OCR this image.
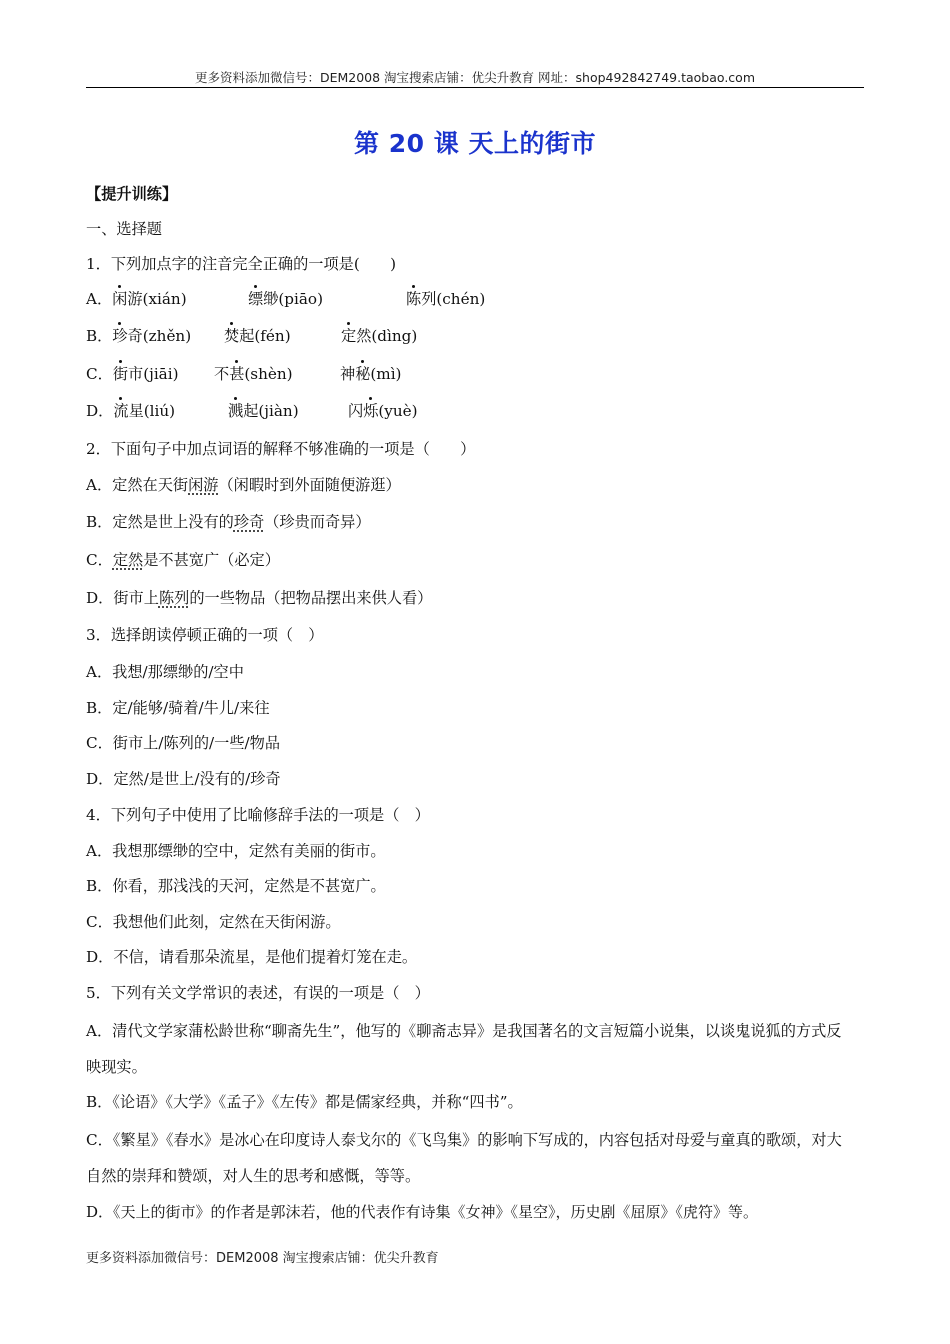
更多资料添加微信号：DEM2008 淘宝搜索店铺：优尖升教育 网址：shop492842749.taobao.com
第 20 课 天上的街市
【提升训练】
一、选择题
1．下列加点字的注音完全正确的一项是(　　)
A．闲游(xián)	缥缈(piāo)	陈列(chén)
B．珍奇(zhěn) 焚起(fén)	定然(dìng)
C．街市(jiāi) 不甚(shèn)	神秘(mì)
D．流星(liú)	溅起(jiàn)	闪烁(yuè)
2．下面句子中加点词语的解释不够准确的一项是（　　）
A．定然在天街闲游（闲暇时到外面随便游逛）
B．定然是世上没有的珍奇（珍贵而奇异）
C．定然是不甚宽广（必定）
D．街市上陈列的一些物品（把物品摆出来供人看）
3．选择朗读停顿正确的一项（　）
A．我想/那缥缈的/空中
B．定/能够/骑着/牛儿/来往
C．街市上/陈列的/一些/物品
D．定然/是世上/没有的/珍奇
4．下列句子中使用了比喻修辞手法的一项是（　）
A．我想那缥缈的空中，定然有美丽的街市。
B．你看，那浅浅的天河，定然是不甚宽广。
C．我想他们此刻，定然在天街闲游。
D．不信，请看那朵流星，是他们提着灯笼在走。
5．下列有关文学常识的表述，有误的一项是（　）
A．清代文学家蒲松龄世称“聊斋先生”，他写的《聊斋志异》是我国著名的文言短篇小说集，以谈鬼说狐的方式反映现实。
B．《论语》《大学》《孟子》《左传》都是儒家经典，并称“四书”。
C．《繁星》《春水》是冰心在印度诗人泰戈尔的《飞鸟集》的影响下写成的，内容包括对母爱与童真的歌颂，对大自然的崇拜和赞颂，对人生的思考和感慨，等等。
D．《天上的街市》的作者是郭沫若，他的代表作有诗集《女神》《星空》，历史剧《屈原》《虎符》等。
更多资料添加微信号：DEM2008 淘宝搜索店铺：优尖升教育
